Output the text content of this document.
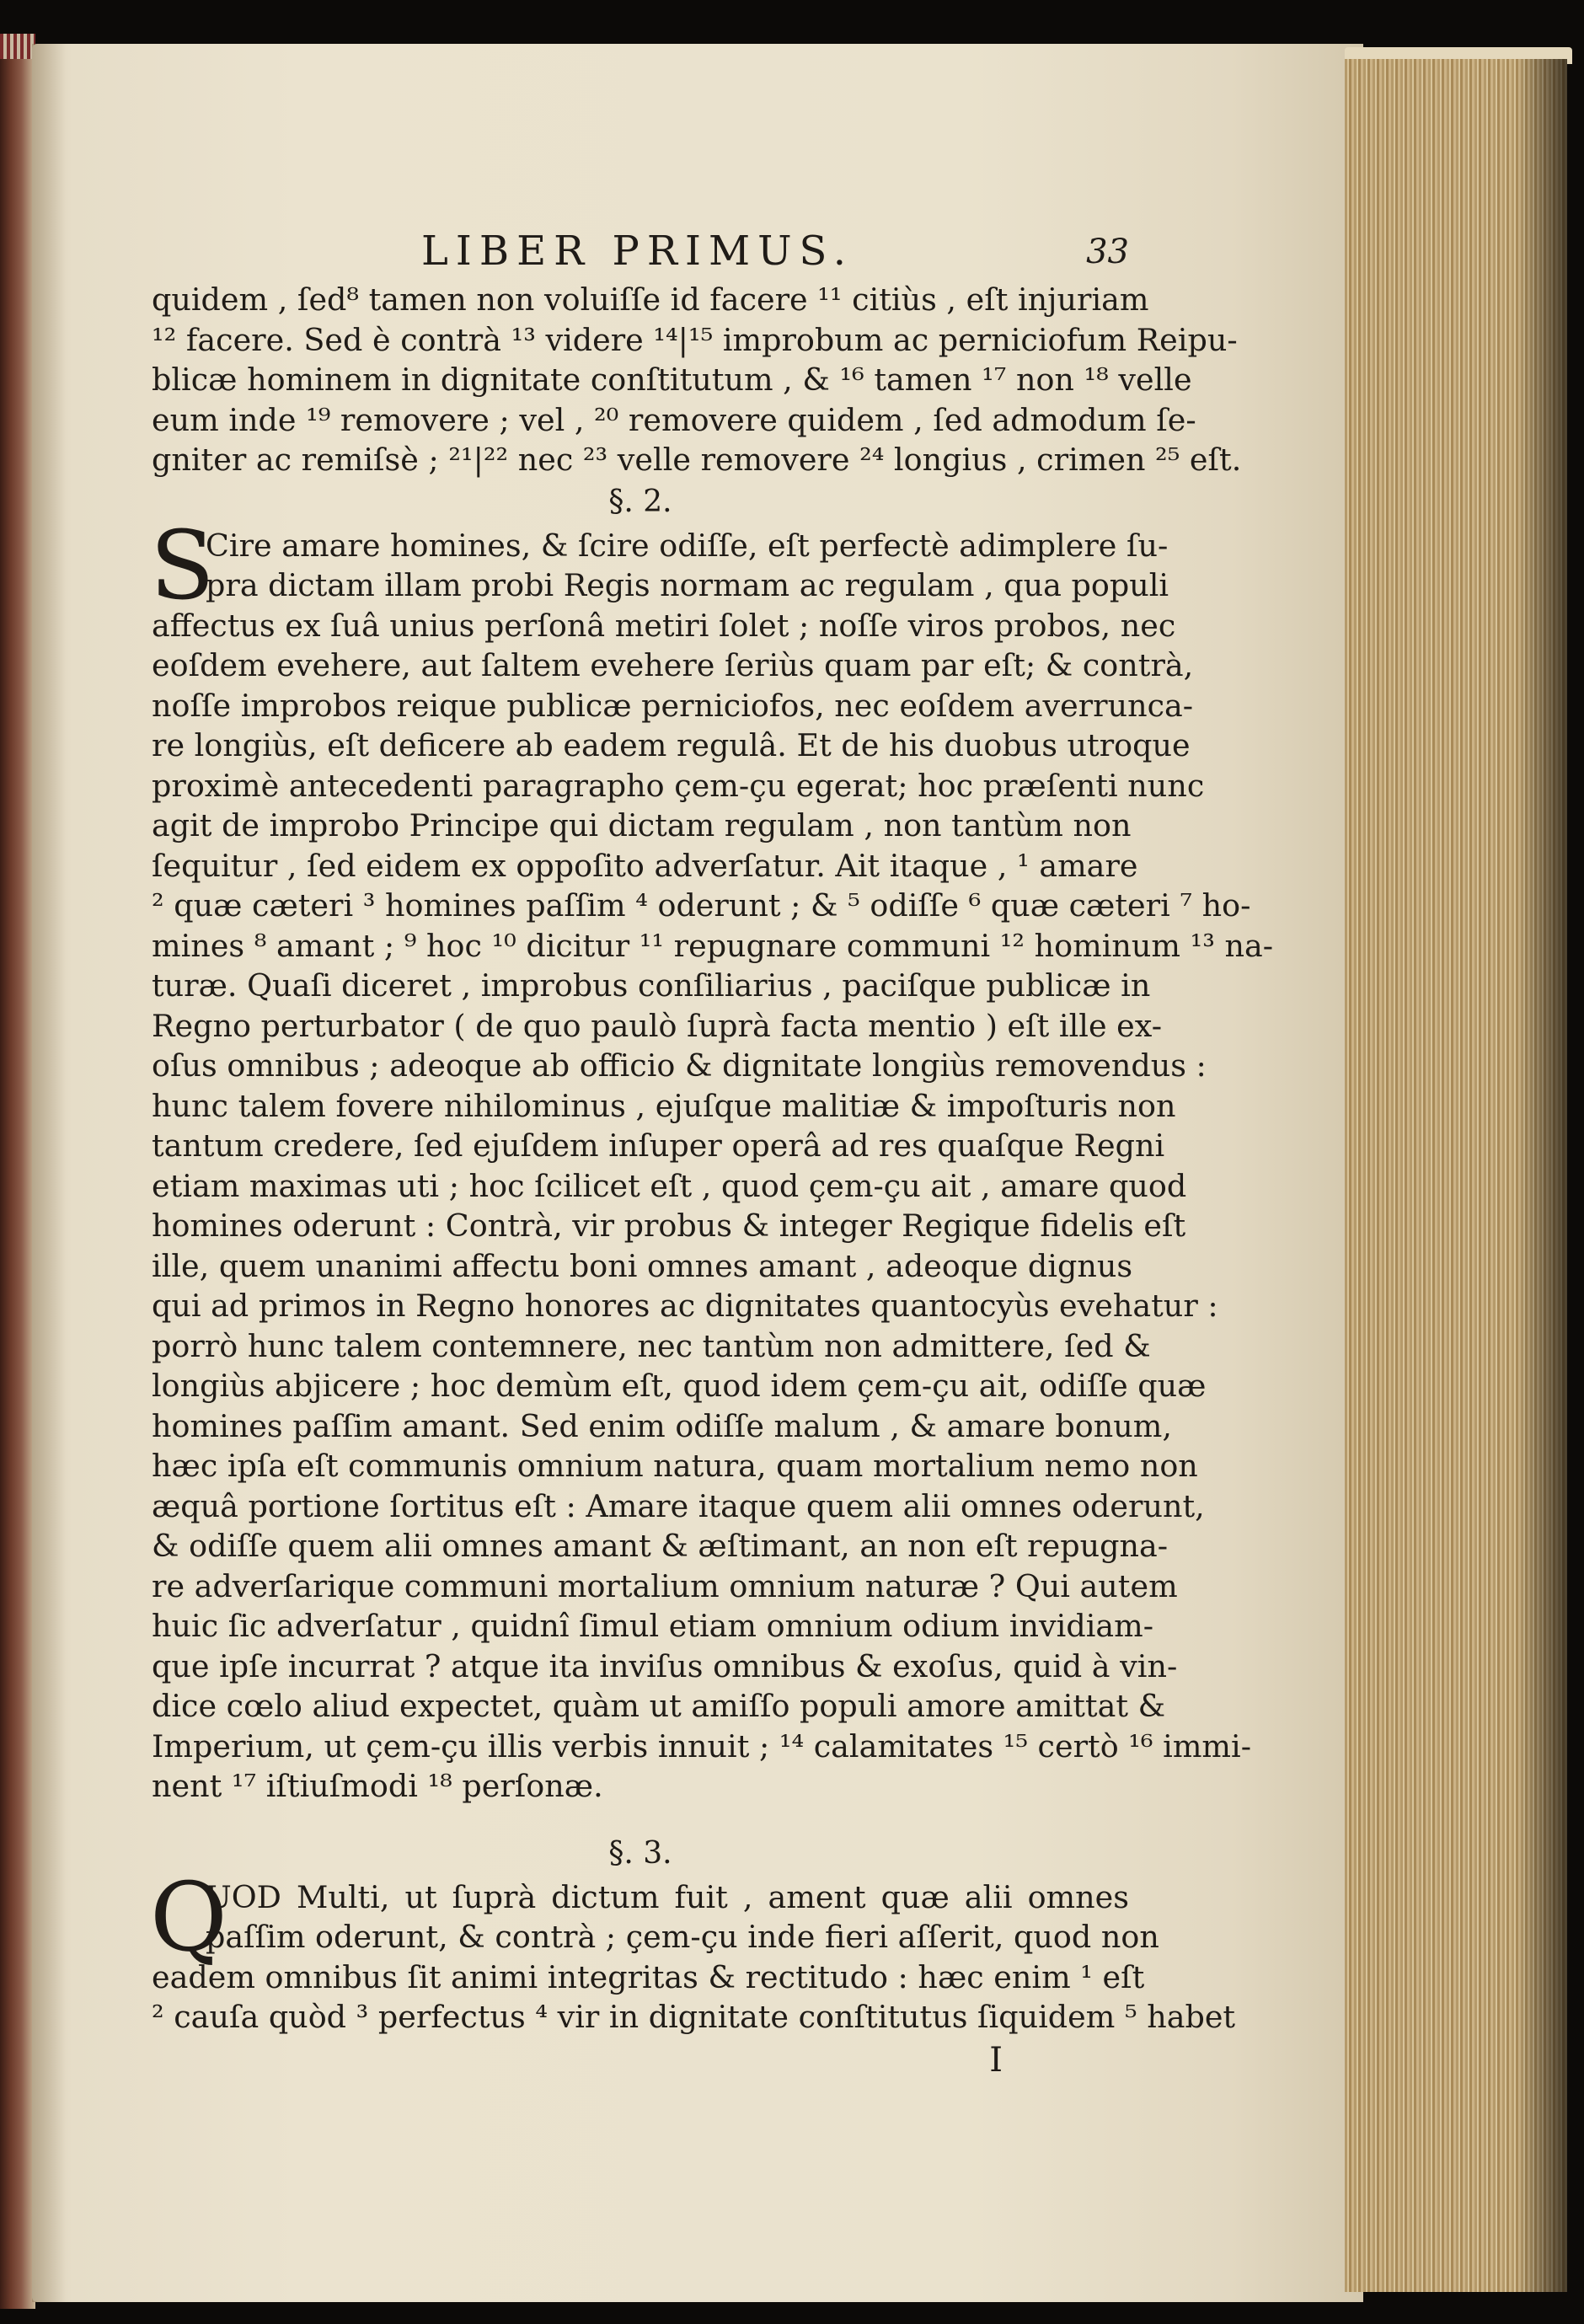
LIBER PRIMUS.	33
quidem , ſed⁸ tamen non voluiſſe id facere ¹¹ citiùs , eſt injuriam
¹² facere. Sed è contrà ¹³ videre ¹⁴|¹⁵ improbum ac perniciofum Reipu-
blicæ hominem in dignitate conſtitutum , & ¹⁶ tamen ¹⁷ non ¹⁸ velle
eum inde ¹⁹ removere ; vel , ²⁰ removere quidem , ſed admodum ſe-
gniter ac remiſsè ; ²¹|²² nec ²³ velle removere ²⁴ longius , crimen ²⁵ eſt.
§. 2.
S
Cire amare homines, & ſcire odiſſe, eſt perfectè adimplere ſu-
pra dictam illam probi Regis normam ac regulam , qua populi
affectus ex ſuâ unius perſonâ metiri ſolet ; noſſe viros probos, nec
eoſdem evehere, aut ſaltem evehere ſeriùs quam par eſt; & contrà,
noſſe improbos reique publicæ perniciofos, nec eoſdem averrunca-
re longiùs, eſt deficere ab eadem regulâ. Et de his duobus utroque
proximè antecedenti paragrapho çem-çu egerat; hoc præſenti nunc
agit de improbo Principe qui dictam regulam , non tantùm non
ſequitur , ſed eidem ex oppoſito adverſatur. Ait itaque , ¹ amare
² quæ cæteri ³ homines paſſim ⁴ oderunt ; & ⁵ odiſſe ⁶ quæ cæteri ⁷ ho-
mines ⁸ amant ; ⁹ hoc ¹⁰ dicitur ¹¹ repugnare communi ¹² hominum ¹³ na-
turæ. Quaſi diceret , improbus conſiliarius , paciſque publicæ in
Regno perturbator ( de quo paulò ſuprà facta mentio ) eſt ille ex-
oſus omnibus ; adeoque ab officio & dignitate longiùs removendus :
hunc talem fovere nihilominus , ejuſque malitiæ & impoſturis non
tantum credere, ſed ejuſdem inſuper operâ ad res quaſque Regni
etiam maximas uti ; hoc ſcilicet eſt , quod çem-çu ait , amare quod
homines oderunt : Contrà, vir probus & integer Regique fidelis eſt
ille, quem unanimi affectu boni omnes amant , adeoque dignus
qui ad primos in Regno honores ac dignitates quantocyùs evehatur :
porrò hunc talem contemnere, nec tantùm non admittere, ſed &
longiùs abjicere ; hoc demùm eſt, quod idem çem-çu ait, odiſſe quæ
homines paſſim amant. Sed enim odiſſe malum , & amare bonum,
hæc ipſa eſt communis omnium natura, quam mortalium nemo non
æquâ portione ſortitus eſt : Amare itaque quem alii omnes oderunt,
& odiſſe quem alii omnes amant & æſtimant, an non eſt repugna-
re adverſarique communi mortalium omnium naturæ ? Qui autem
huic ſic adverſatur , quidnî ſimul etiam omnium odium invidiam-
que ipſe incurrat ? atque ita inviſus omnibus & exoſus, quid à vin-
dice cœlo aliud expectet, quàm ut amiſſo populi amore amittat &
Imperium, ut çem-çu illis verbis innuit ; ¹⁴ calamitates ¹⁵ certò ¹⁶ immi-
nent ¹⁷ iſtiuſmodi ¹⁸ perſonæ.
§. 3.
Q
UOD Multi, ut ſuprà dictum fuit , ament quæ alii omnes
paſſim oderunt, & contrà ; çem-çu inde fieri aſſerit, quod non
eadem omnibus ſit animi integritas & rectitudo : hæc enim ¹ eſt
² cauſa quòd ³ perfectus ⁴ vir in dignitate conſtitutus ſiquidem ⁵ habet
I
